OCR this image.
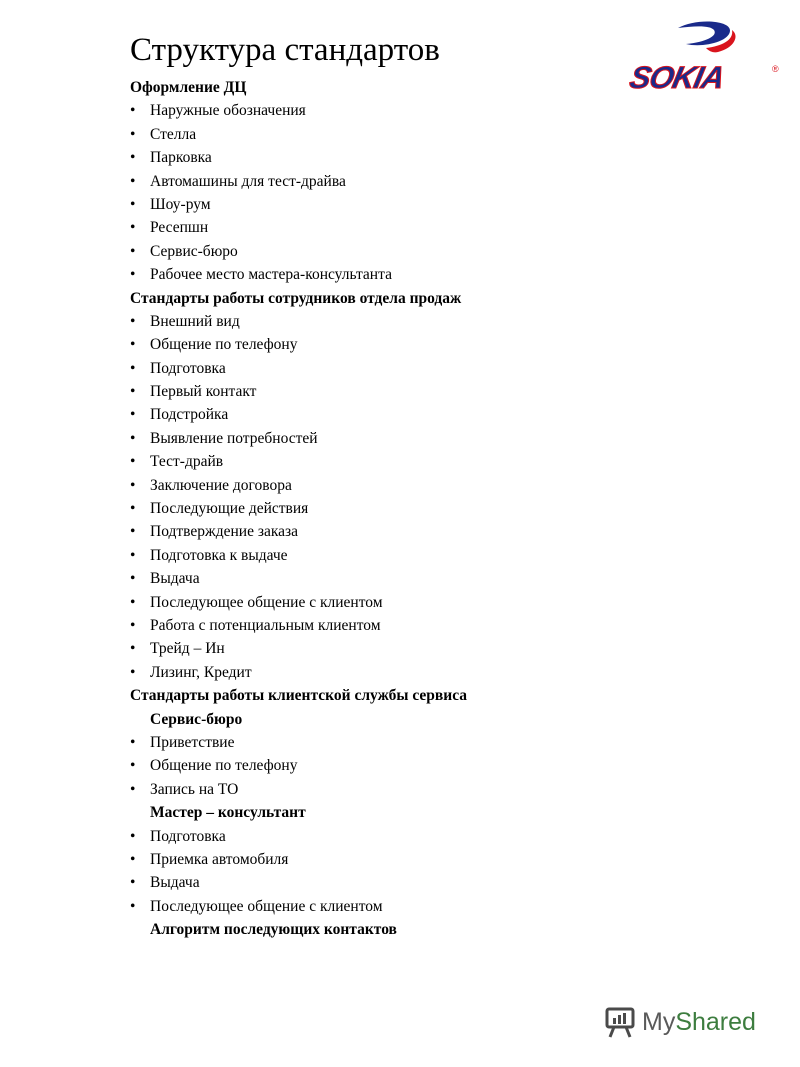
Структура стандартов
SOKIA	®
Оформление ДЦ
• Наружные обозначения
• Стелла
• Парковка
• Автомашины для тест-драйва
• Шоу-рум
• Ресепшн
• Сервис-бюро
• Рабочее место мастера-консультанта
Стандарты работы сотрудников отдела продаж
• Внешний вид
• Общение по телефону
• Подготовка
• Первый контакт
• Подстройка
• Выявление потребностей
• Тест-драйв
• Заключение договора
• Последующие действия
• Подтверждение заказа
• Подготовка к выдаче
• Выдача
• Последующее общение с клиентом
• Работа с потенциальным клиентом
• Трейд – Ин
• Лизинг, Кредит
Стандарты работы клиентской службы сервиса
Сервис-бюро
• Приветствие
• Общение по телефону
• Запись на ТО
Мастер – консультант
• Подготовка
• Приемка автомобиля
• Выдача
• Последующее общение с клиентом
Алгоритм последующих контактов
MyShared
